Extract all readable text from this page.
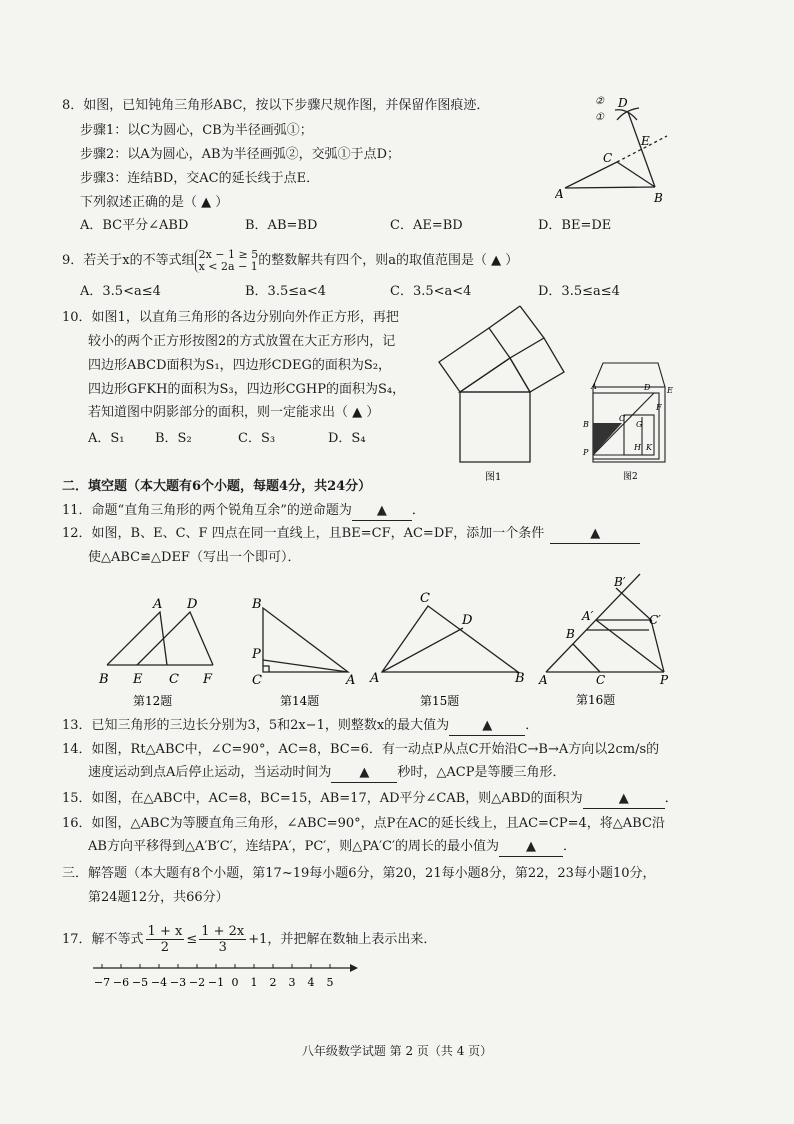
8．如图，已知钝角三角形ABC，按以下步骤尺规作图，并保留作图痕迹．
步骤1：以C为圆心，CB为半径画弧①；
步骤2：以A为圆心，AB为半径画弧②，交弧①于点D；
步骤3：连结BD，交AC的延长线于点E．
下列叙述正确的是（ ▲ ）
A．BC平分∠ABD	B．AB=BD	C．AE=BD	D．BE=DE
②
①
D
E
C
A	B
9．若关于x的不等式组 2x − 1 ≥ 5
x < 2a − 1 的整数解共有四个，则a的取值范围是（ ▲ ）
A．3.5<a≤4	B．3.5≤a<4	C．3.5<a<4	D．3.5≤a≤4
10．如图1，以直角三角形的各边分别向外作正方形，再把
较小的两个正方形按图2的方式放置在大正方形内，记
四边形ABCD面积为S₁，四边形CDEG的面积为S₂，
四边形GFKH的面积为S₃，四边形CGHP的面积为S₄，
若知道图中阴影部分的面积，则一定能求出（ ▲ ）
A．S₁ B．S₂	C．S₃	D．S₄
图1
A	D E
F
C
G
B
P
H K
图2
二．填空题（本大题有6个小题，每题4分，共24分）
11．命题“直角三角形的两个锐角互余”的逆命题为 ▲ ．
12．如图，B、E、C、F 四点在同一直线上，且BE=CF，AC=DF，添加一个条件	▲
使△ABC≌△DEF（写出一个即可）．
A D
B E C F
第12题
B
P
C	A
第14题
C
D
A	B
第15题
B′
A′	C′
B
A	C	P
第16题
13．已知三角形的三边长分别为3，5和2x−1，则整数x的最大值为	▲	．
14．如图，Rt△ABC中，∠C=90°，AC=8，BC=6．有一动点P从点C开始沿C→B→A方向以2cm/s的
速度运动到点A后停止运动，当运动时间为 ▲ 秒时，△ACP是等腰三角形．
15．如图，在△ABC中，AC=8，BC=15，AB=17，AD平分∠CAB，则△ABD的面积为	▲	．
16．如图，△ABC为等腰直角三角形，∠ABC=90°，点P在AC的延长线上，且AC=CP=4，将△ABC沿
AB方向平移得到△A′B′C′，连结PA′，PC′，则△PA′C′的周长的最小值为 ▲ ．
三．解答题（本大题有8个小题，第17~19每小题6分，第20，21每小题8分，第22，23每小题10分，
第24题12分，共66分）
17．解不等式 $\frac{1 + x}{2} \le \frac{1 + 2x}{3} +1$，并把解在数轴上表示出来．
−7 −6 −5 −4 −3 −2 −1 0 1 2 3 4 5
八年级数学试题 第 2 页（共 4 页）
